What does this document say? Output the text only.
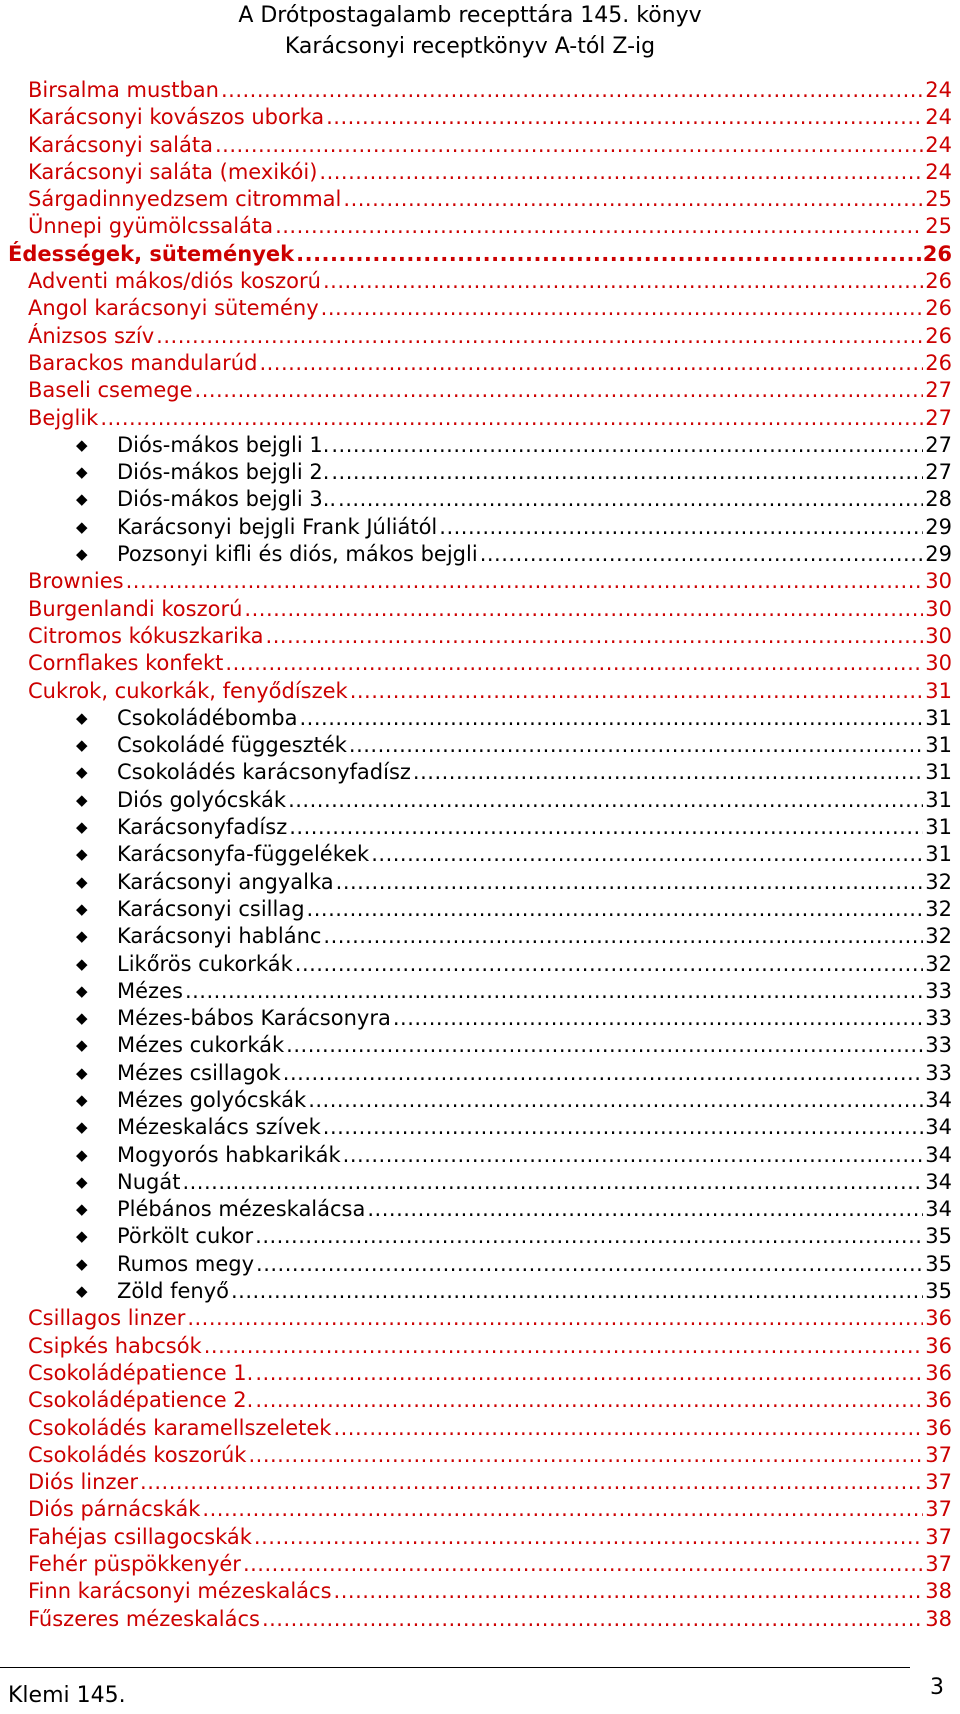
A Drótpostagalamb recepttára 145. könyv
Karácsonyi receptkönyv A-tól Z-ig
Birsalma mustban .....	24
Karácsonyi kovászos uborka .....	24
Karácsonyi saláta .....	24
Karácsonyi saláta (mexikói) .....	24
Sárgadinnyedzsem citrommal .....	25
Ünnepi gyümölcssaláta .....	25
Édességek, sütemények .....	26
Adventi mákos/diós koszorú .....	26
Angol karácsonyi sütemény .....	26
Ánizsos szív .....	26
Barackos mandularúd .....	26
Baseli csemege .....	27
Bejglik .....	27
◆ Diós-mákos bejgli 1. .....	27
◆ Diós-mákos bejgli 2. .....	27
◆ Diós-mákos bejgli 3.. .....	28
◆ Karácsonyi bejgli Frank Júliától .....	29
◆ Pozsonyi kifli és diós, mákos bejgli .....	29
Brownies .....	30
Burgenlandi koszorú .....	30
Citromos kókuszkarika .....	30
Cornflakes konfekt .....	30
Cukrok, cukorkák, fenyődíszek .....	31
◆ Csokoládébomba .....	31
◆ Csokoládé függeszték .....	31
◆ Csokoládés karácsonyfadísz .....	31
◆ Diós golyócskák .....	31
◆ Karácsonyfadísz .....	31
◆ Karácsonyfa-függelékek .....	31
◆ Karácsonyi angyalka .....	32
◆ Karácsonyi csillag .....	32
◆ Karácsonyi hablánc .....	32
◆ Likőrös cukorkák .....	32
◆ Mézes .....	33
◆ Mézes-bábos Karácsonyra .....	33
◆ Mézes cukorkák .....	33
◆ Mézes csillagok .....	33
◆ Mézes golyócskák .....	34
◆ Mézeskalács szívek .....	34
◆ Mogyorós habkarikák .....	34
◆ Nugát .....	34
◆ Plébános mézeskalácsa .....	34
◆ Pörkölt cukor .....	35
◆ Rumos megy .....	35
◆ Zöld fenyő .....	35
Csillagos linzer .....	36
Csipkés habcsók .....	36
Csokoládépatience 1. .....	36
Csokoládépatience 2. .....	36
Csokoládés karamellszeletek .....	36
Csokoládés koszorúk .....	37
Diós linzer .....	37
Diós párnácskák .....	37
Fahéjas csillagocskák .....	37
Fehér püspökkenyér .....	37
Finn karácsonyi mézeskalács .....	38
Fűszeres mézeskalács .....	38
Klemi 145.	3
